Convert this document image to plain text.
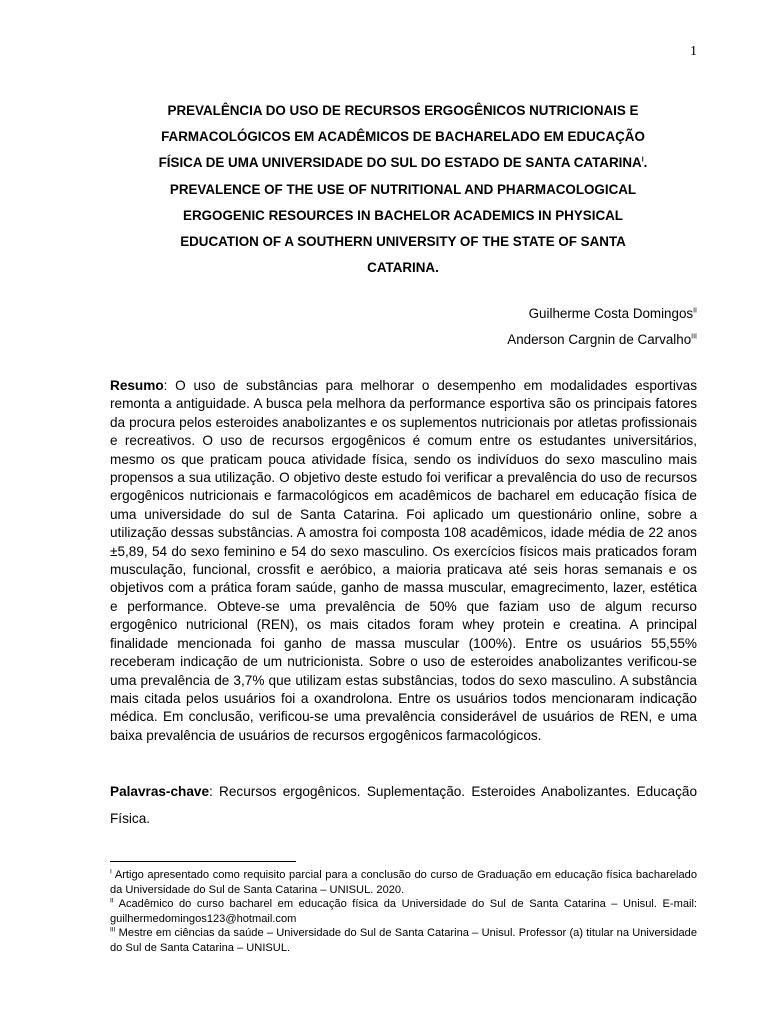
1
PREVALÊNCIA DO USO DE RECURSOS ERGOGÊNICOS NUTRICIONAIS E
FARMACOLÓGICOS EM ACADÊMICOS DE BACHARELADO EM EDUCAÇÃO
FÍSICA DE UMA UNIVERSIDADE DO SUL DO ESTADO DE SANTA $CATARINA^I$.
PREVALENCE OF THE USE OF NUTRITIONAL AND PHARMACOLOGICAL
ERGOGENIC RESOURCES IN BACHELOR ACADEMICS IN PHYSICAL
EDUCATION OF A SOUTHERN UNIVERSITY OF THE STATE OF SANTA
CATARINA.
Guilherme Costa Domingos$^{II}$
Anderson Cargnin de Carvalho$^{III}$
Resumo: O uso de substâncias para melhorar o desempenho em modalidades esportivas remonta a antiguidade. A busca pela melhora da performance esportiva são os principais fatores da procura pelos esteroides anabolizantes e os suplementos nutricionais por atletas profissionais e recreativos. O uso de recursos ergogênicos é comum entre os estudantes universitários, mesmo os que praticam pouca atividade física, sendo os indivíduos do sexo masculino mais propensos a sua utilização. O objetivo deste estudo foi verificar a prevalência do uso de recursos ergogênicos nutricionais e farmacológicos em acadêmicos de bacharel em educação física de uma universidade do sul de Santa Catarina. Foi aplicado um questionário online, sobre a utilização dessas substâncias. A amostra foi composta 108 acadêmicos, idade média de 22 anos ±5,89, 54 do sexo feminino e 54 do sexo masculino. Os exercícios físicos mais praticados foram musculação, funcional, crossfit e aeróbico, a maioria praticava até seis horas semanais e os objetivos com a prática foram saúde, ganho de massa muscular, emagrecimento, lazer, estética e performance. Obteve-se uma prevalência de 50% que faziam uso de algum recurso ergogênico nutricional (REN), os mais citados foram whey protein e creatina. A principal finalidade mencionada foi ganho de massa muscular (100%). Entre os usuários 55,55% receberam indicação de um nutricionista. Sobre o uso de esteroides anabolizantes verificou-se uma prevalência de 3,7% que utilizam estas substâncias, todos do sexo masculino. A substância mais citada pelos usuários foi a oxandrolona. Entre os usuários todos mencionaram indicação médica. Em conclusão, verificou-se uma prevalência considerável de usuários de REN, e uma baixa prevalência de usuários de recursos ergogênicos farmacológicos.
Palavras-chave: Recursos ergogênicos. Suplementação. Esteroides Anabolizantes. Educação Física.

$^I$ Artigo apresentado como requisito parcial para a conclusão do curso de Graduação em educação física bacharelado da Universidade do Sul de Santa Catarina – UNISUL. 2020.

$^{II}$ Acadêmico do curso bacharel em educação física da Universidade do Sul de Santa Catarina – Unisul. E-mail: guilhermedomingos123@hotmail.com

$^{III}$ Mestre em ciências da saúde – Universidade do Sul de Santa Catarina – Unisul. Professor (a) titular na Universidade do Sul de Santa Catarina – UNISUL.
